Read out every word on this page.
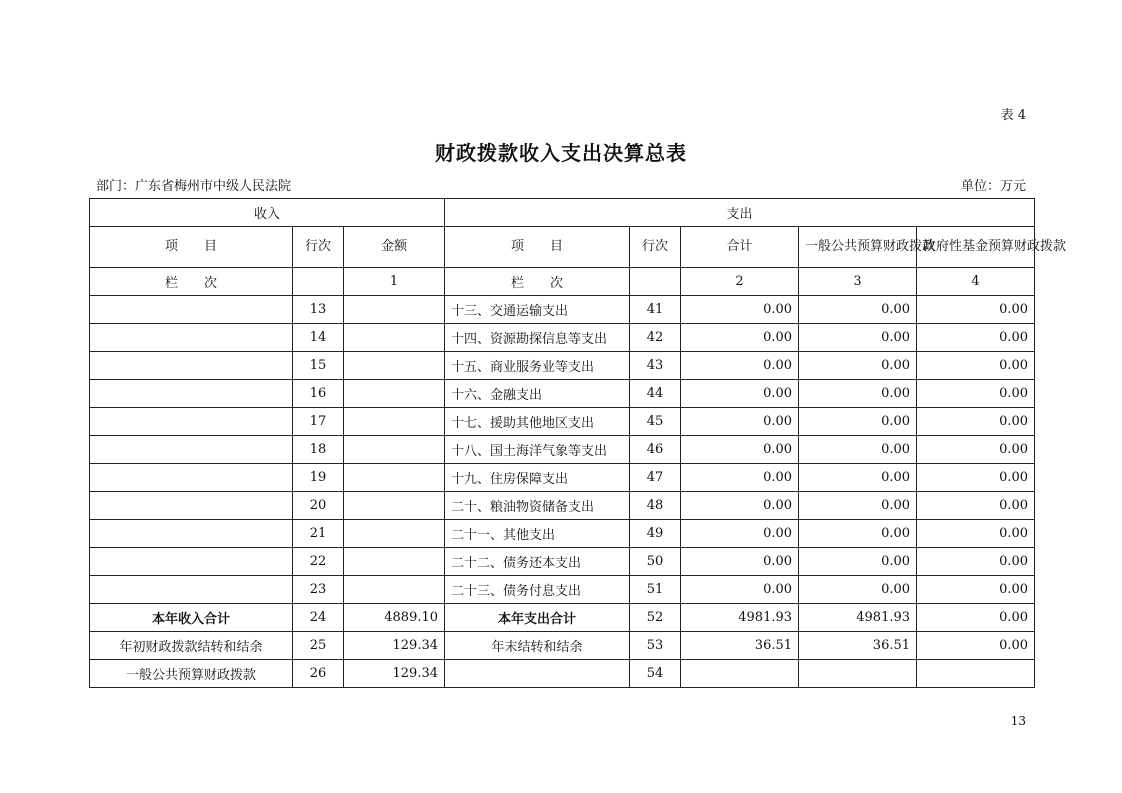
表 4
财政拨款收入支出决算总表
部门：广东省梅州市中级人民法院	单位：万元
收入			支出				
项　　目	行次	金额	项　　目	行次	合计	一般公共预算财政拨款	政府性基金预算财政拨款
栏　　次		1	栏　　次		2	3	4
	13		十三、交通运输支出	41	0.00	0.00	0.00
	14		十四、资源勘探信息等支出	42	0.00	0.00	0.00
	15		十五、商业服务业等支出	43	0.00	0.00	0.00
	16		十六、金融支出	44	0.00	0.00	0.00
	17		十七、援助其他地区支出	45	0.00	0.00	0.00
	18		十八、国土海洋气象等支出	46	0.00	0.00	0.00
	19		十九、住房保障支出	47	0.00	0.00	0.00
	20		二十、粮油物资储备支出	48	0.00	0.00	0.00
	21		二十一、其他支出	49	0.00	0.00	0.00
	22		二十二、债务还本支出	50	0.00	0.00	0.00
	23		二十三、债务付息支出	51	0.00	0.00	0.00
本年收入合计	24	4889.10	本年支出合计	52	4981.93	4981.93	0.00
年初财政拨款结转和结余	25	129.34	年末结转和结余	53	36.51	36.51	0.00
一般公共预算财政拨款	26	129.34		54			
13
